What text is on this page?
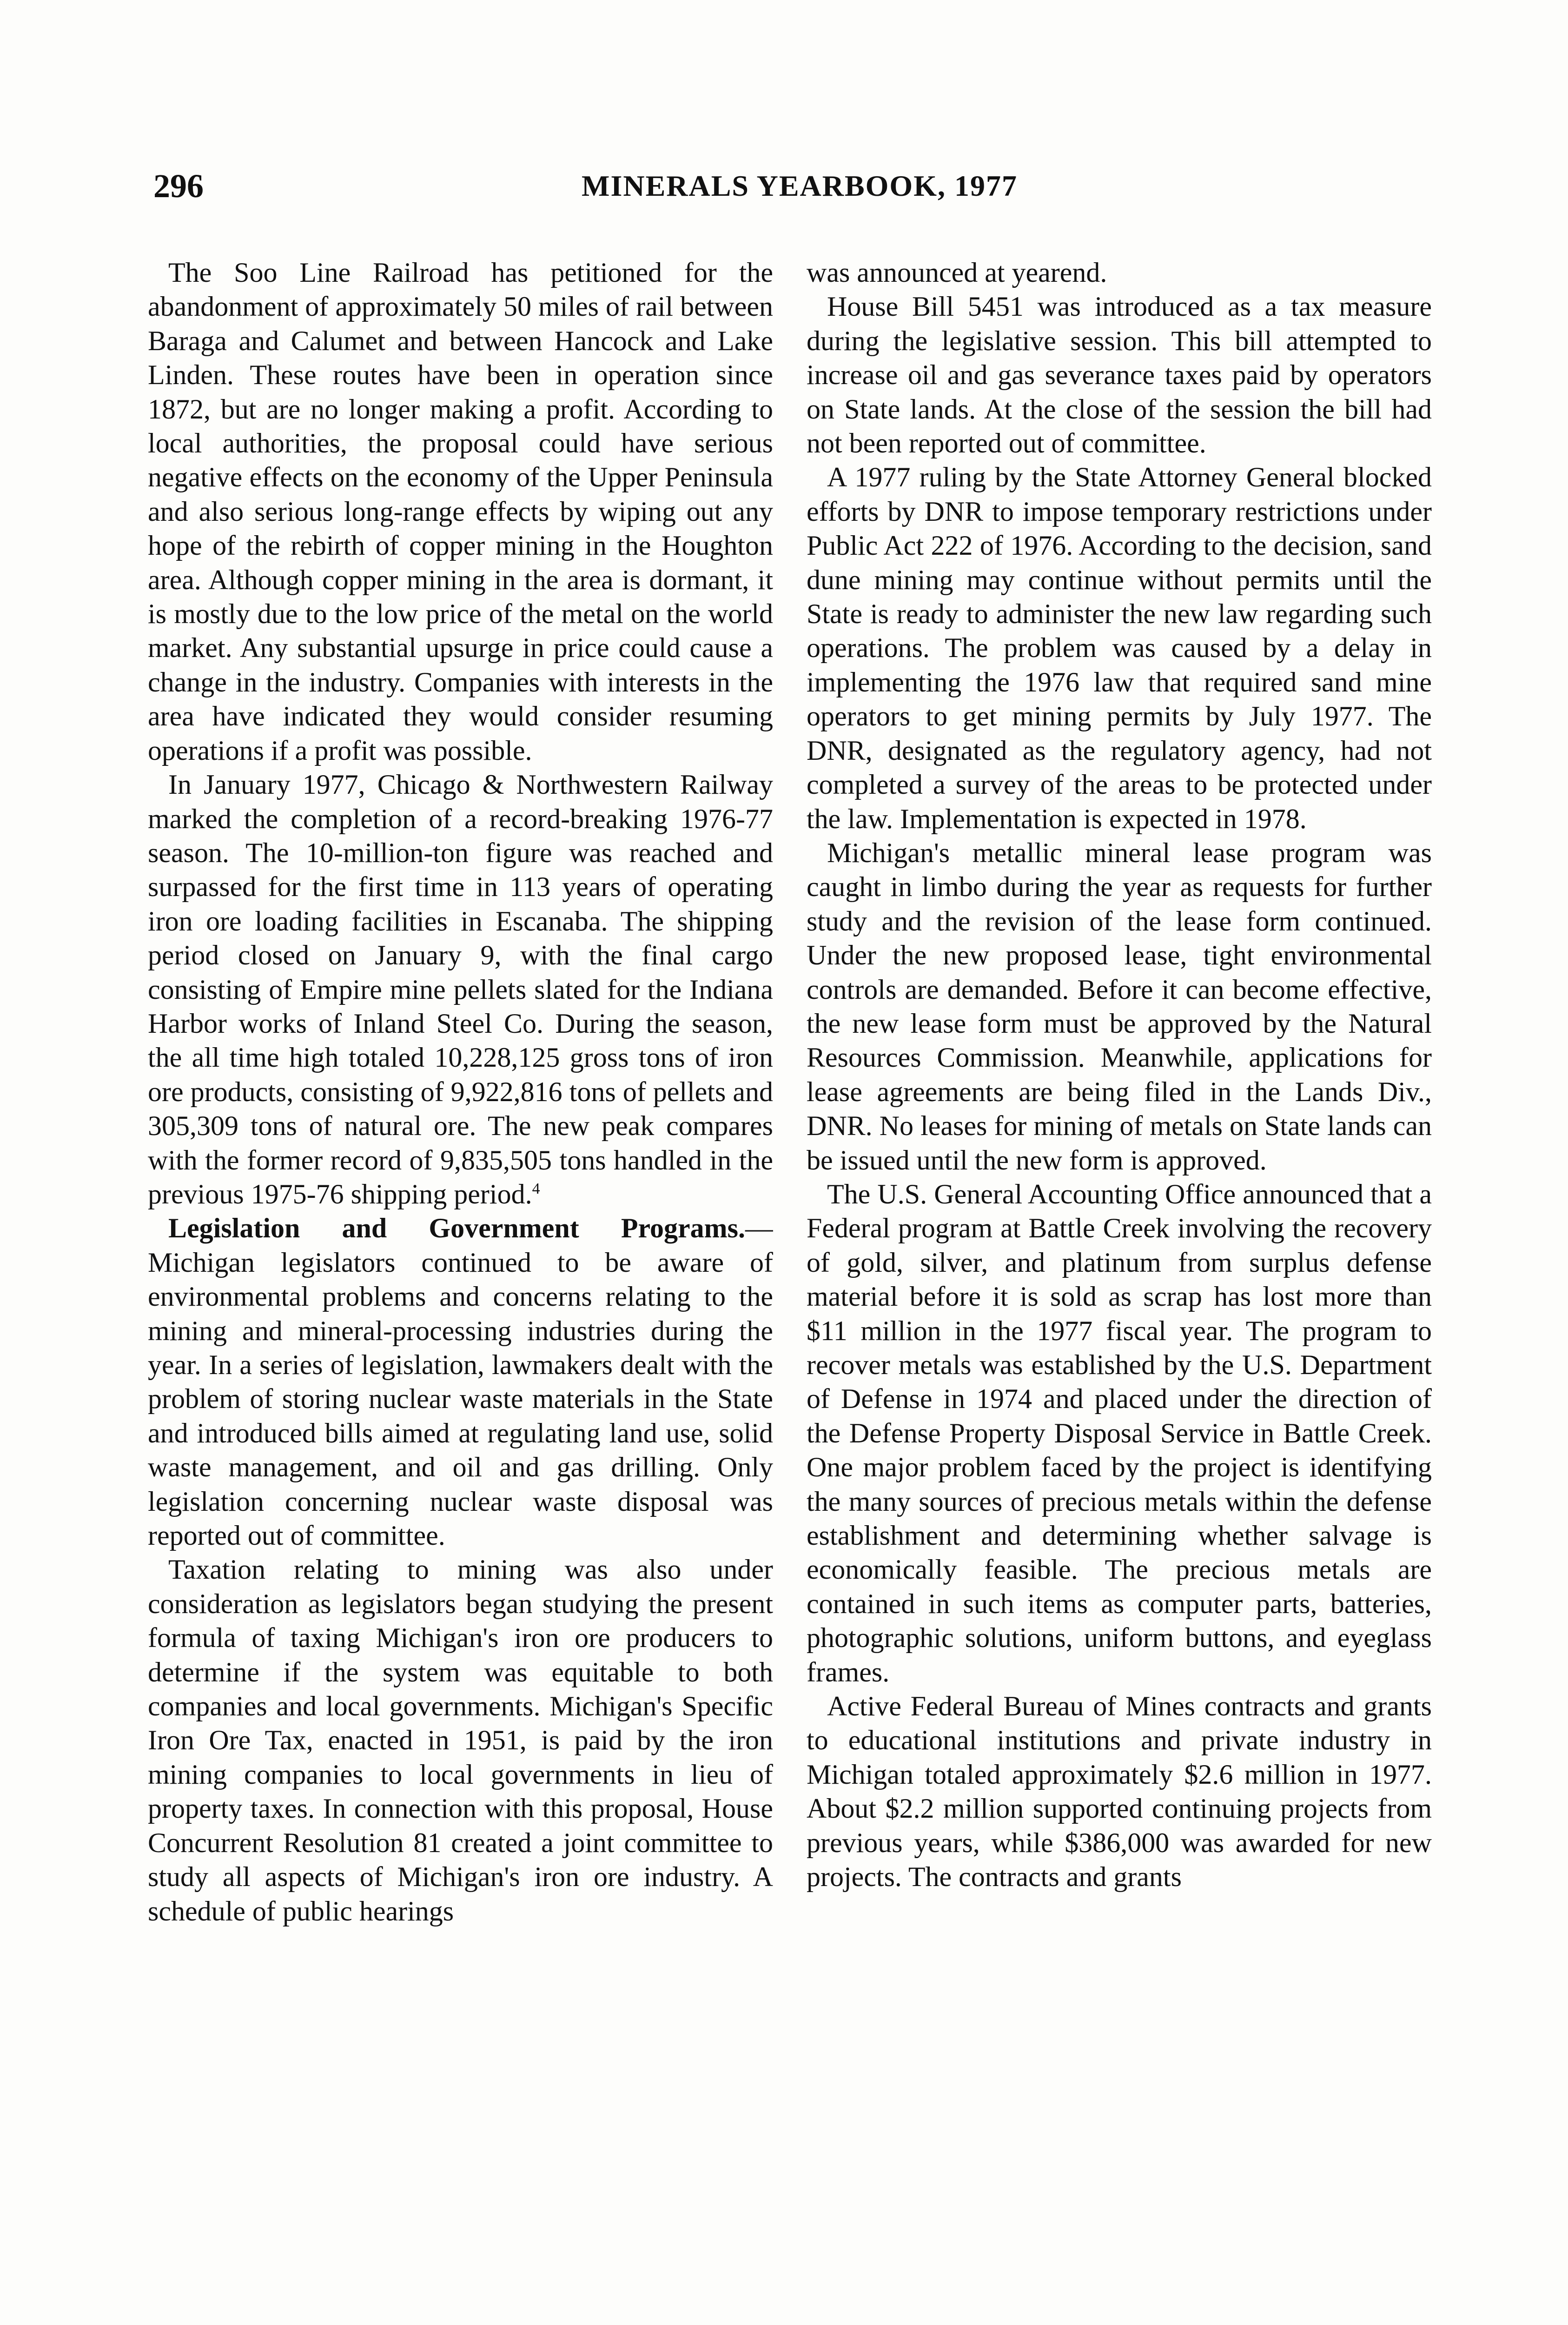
296	MINERALS YEARBOOK, 1977

The Soo Line Railroad has petitioned for the abandonment of approximately 50 miles of rail between Baraga and Calumet and between Hancock and Lake Linden. These routes have been in operation since 1872, but are no longer making a profit. According to local authorities, the proposal could have serious negative effects on the economy of the Upper Peninsula and also serious long-range effects by wiping out any hope of the rebirth of copper mining in the Houghton area. Although copper mining in the area is dormant, it is mostly due to the low price of the metal on the world market. Any substantial upsurge in price could cause a change in the industry. Companies with interests in the area have indicated they would consider resuming operations if a profit was possible.

In January 1977, Chicago & Northwestern Railway marked the completion of a record-breaking 1976-77 season. The 10-million-ton figure was reached and surpassed for the first time in 113 years of operating iron ore loading facilities in Escanaba. The shipping period closed on January 9, with the final cargo consisting of Empire mine pellets slated for the Indiana Harbor works of Inland Steel Co. During the season, the all time high totaled 10,228,125 gross tons of iron ore products, consisting of 9,922,816 tons of pellets and 305,309 tons of natural ore. The new peak compares with the former record of 9,835,505 tons handled in the previous 1975-76 shipping period.$^4$

Legislation and Government Programs.—Michigan legislators continued to be aware of environmental problems and concerns relating to the mining and mineral-processing industries during the year. In a series of legislation, lawmakers dealt with the problem of storing nuclear waste materials in the State and introduced bills aimed at regulating land use, solid waste management, and oil and gas drilling. Only legislation concerning nuclear waste disposal was reported out of committee.

Taxation relating to mining was also under consideration as legislators began studying the present formula of taxing Michigan's iron ore producers to determine if the system was equitable to both companies and local governments. Michigan's Specific Iron Ore Tax, enacted in 1951, is paid by the iron mining companies to local governments in lieu of property taxes. In connection with this proposal, House Concurrent Resolution 81 created a joint committee to study all aspects of Michigan's iron ore industry. A schedule of public hearings

was announced at yearend.

House Bill 5451 was introduced as a tax measure during the legislative session. This bill attempted to increase oil and gas severance taxes paid by operators on State lands. At the close of the session the bill had not been reported out of committee.

A 1977 ruling by the State Attorney General blocked efforts by DNR to impose temporary restrictions under Public Act 222 of 1976. According to the decision, sand dune mining may continue without permits until the State is ready to administer the new law regarding such operations. The problem was caused by a delay in implementing the 1976 law that required sand mine operators to get mining permits by July 1977. The DNR, designated as the regulatory agency, had not completed a survey of the areas to be protected under the law. Implementation is expected in 1978.

Michigan's metallic mineral lease program was caught in limbo during the year as requests for further study and the revision of the lease form continued. Under the new proposed lease, tight environmental controls are demanded. Before it can become effective, the new lease form must be approved by the Natural Resources Commission. Meanwhile, applications for lease agreements are being filed in the Lands Div., DNR. No leases for mining of metals on State lands can be issued until the new form is approved.

The U.S. General Accounting Office announced that a Federal program at Battle Creek involving the recovery of gold, silver, and platinum from surplus defense material before it is sold as scrap has lost more than $11 million in the 1977 fiscal year. The program to recover metals was established by the U.S. Department of Defense in 1974 and placed under the direction of the Defense Property Disposal Service in Battle Creek. One major problem faced by the project is identifying the many sources of precious metals within the defense establishment and determining whether salvage is economically feasible. The precious metals are contained in such items as computer parts, batteries, photographic solutions, uniform buttons, and eyeglass frames.

Active Federal Bureau of Mines contracts and grants to educational institutions and private industry in Michigan totaled approximately $2.6 million in 1977. About $2.2 million supported continuing projects from previous years, while $386,000 was awarded for new projects. The contracts and grants
